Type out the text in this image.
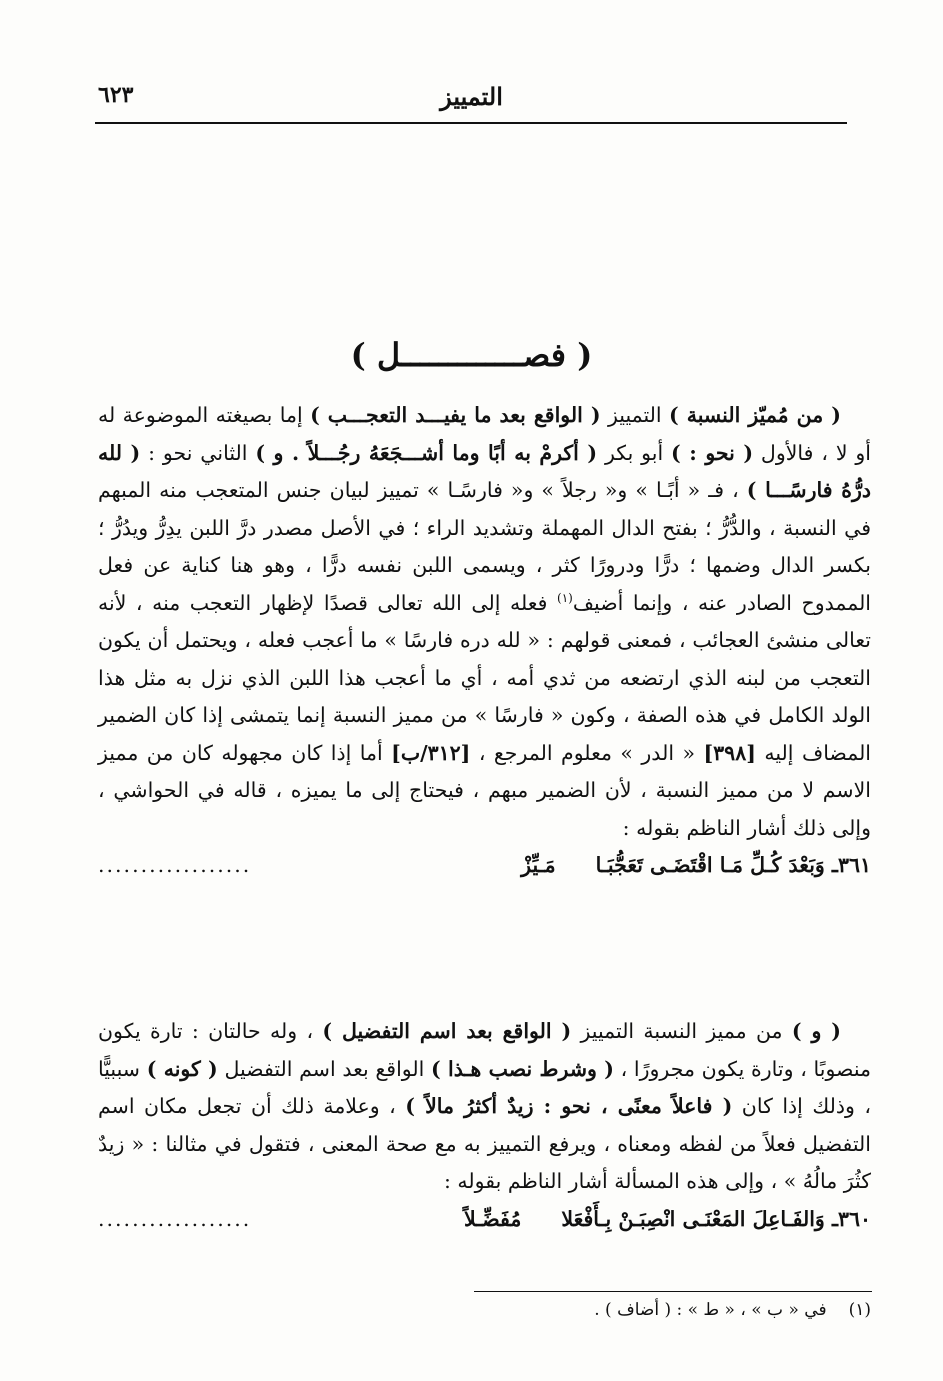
التمييز
٦٢٣
( فصـــــــــــــل )

( من مُميّز النسبة ) التمييز ( الواقع بعد ما يفيـــد التعجـــب ) إما بصيغته الموضوعة له أو لا ، فالأول ( نحو : ) أبو بكر ( أكرمْ به أبًا وما أشـــجَعَهُ رجُـــلاً . و ) الثاني نحو : ( لله درُّهُ فارسًـــا ) ، فـ « أبًـا » و« رجلاً » و« فارسًـا » تمييز لبيان جنس المتعجب منه المبهم في النسبة ، والدُّرُّ ؛ بفتح الدال المهملة وتشديد الراء ؛ في الأصل مصدر درَّ اللبن يدِرُّ ويدُرُّ ؛ بكسر الدال وضمها ؛ درًّا ودرورًا كثر ، ويسمى اللبن نفسه درًّا ، وهو هنا كناية عن فعل الممدوح الصادر عنه ، وإنما أضيف$^{(١)}$ فعله إلى الله تعالى قصدًا لإظهار التعجب منه ، لأنه تعالى منشئ العجائب ، فمعنى قولهم : « لله دره فارسًا » ما أعجب فعله ، ويحتمل أن يكون التعجب من لبنه الذي ارتضعه من ثدي أمه ، أي ما أعجب هذا اللبن الذي نزل به مثل هذا الولد الكامل في هذه الصفة ، وكون « فارسًا » من مميز النسبة إنما يتمشى إذا كان الضمير المضاف إليه [٣٩٨] « الدر » معلوم المرجع ، [٣١٢/ب] أما إذا كان مجهوله كان من مميز الاسم لا من مميز النسبة ، لأن الضمير مبهم ، فيحتاج إلى ما يميزه ، قاله في الحواشي ، وإلى ذلك أشار الناظم بقوله :

٣٦١ـ وَبَعْدَ كُـلِّ مَـا اقْتَضَـى تَعَجُّبَـا
مَـيِّزْ
..................

( و ) من مميز النسبة التمييز ( الواقع بعد اسم التفضيل ) ، وله حالتان : تارة يكون منصوبًا ، وتارة يكون مجرورًا ، ( وشرط نصب هـذا ) الواقع بعد اسم التفضيل ( كونه ) سببيًّا ، وذلك إذا كان ( فاعلاً معنًى ، نحو : زيدٌ أكثرُ مالاً ) ، وعلامة ذلك أن تجعل مكان اسم التفضيل فعلاً من لفظه ومعناه ، ويرفع التمييز به مع صحة المعنى ، فتقول في مثالنا : « زيدٌ كثُرَ مالُهُ » ، وإلى هذه المسألة أشار الناظم بقوله :

٣٦٠ـ وَالفَـاعِلَ المَعْنَـى انْصِبَـنْ بِـأَفْعَلا
مُفَضِّـلاً
..................
(١)في « ب » ، « ط » : ( أضاف ) .
